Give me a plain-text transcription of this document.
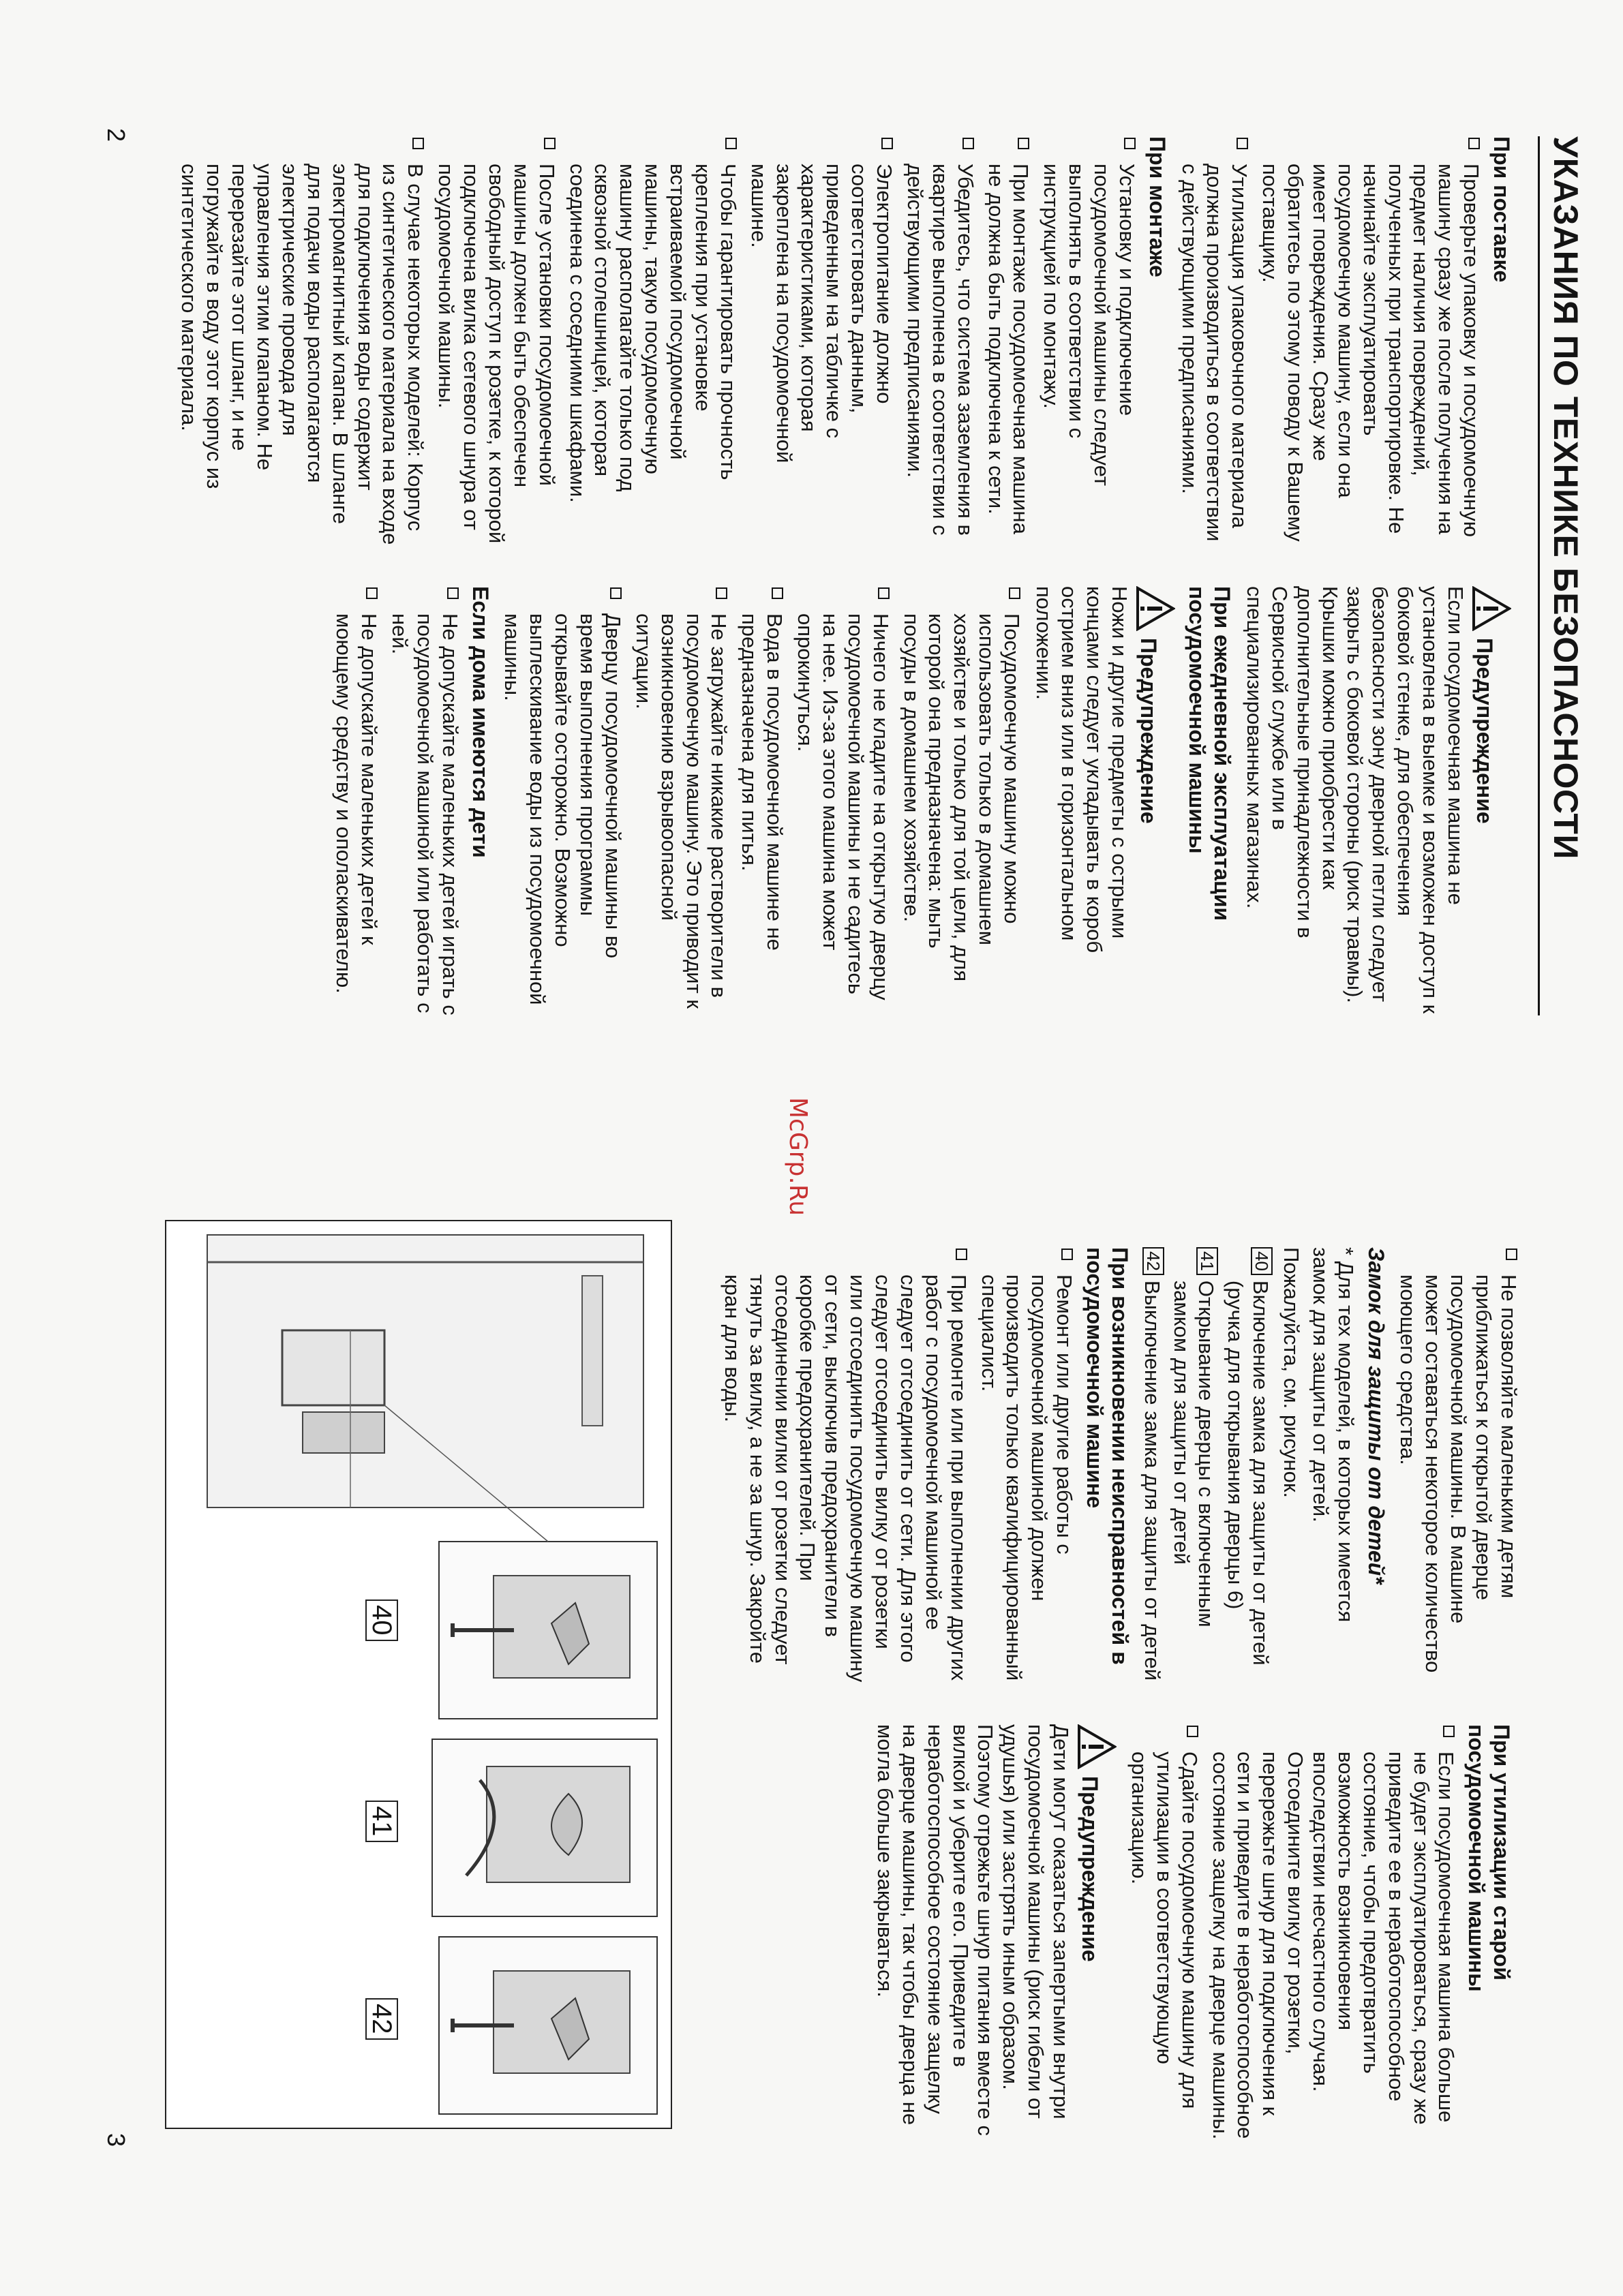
УКАЗАНИЯ ПО ТЕХНИКЕ БЕЗОПАСНОСТИ
При поставке
Проверьте упаковку и посудомоечную машину сразу же после получения на предмет наличия повреждений, полученных при транспортировке. Не начинайте эксплуатировать посудомоечную машину, если она имеет повреждения. Сразу же обратитесь по этому поводу к Вашему поставщику.
Утилизация упаковочного материала должна производиться в соответствии с действующими предписаниями.
При монтаже
Установку и подключение посудомоечной машины следует выполнять в соответствии с инструкцией по монтажу.
При монтаже посудомоечная машина не должна быть подключена к сети.
Убедитесь, что система заземления в квартире выполнена в соответствии с действующими предписаниями.
Электропитание должно соответствовать данным, приведенным на табличке с характеристиками, которая закреплена на посудомоечной машине.
Чтобы гарантировать прочность крепления при установке встраиваемой посудомоечной машины, такую посудомоечную машину располагайте только под сквозной столешницей, которая соединена с соседними шкафами.
После установки посудомоечной машины должен быть обеспечен свободный доступ к розетке, к которой подключена вилка сетевого шнура от посудомоечной машины.
В случае некоторых моделей: Корпус из синтетического материала на входе для подключения воды содержит электромагнитный клапан. В шланге для подачи воды располагаются электрические провода для управления этим клапаном. Не перерезайте этот шланг, и не погружайте в воду этот корпус из синтетического материала.
Предупреждение

Если посудомоечная машина не установлена в выемке и возможен доступ к боковой стенке, для обеспечения безопасности зону дверной петли следует закрыть с боковой стороны (риск травмы). Крышки можно приобрести как дополнительные принадлежности в Сервисной службе или в специализированных магазинах.

При ежедневной эксплуатации посудомоечной машины
Предупреждение

Ножи и другие предметы с острыми концами следует укладывать в короб острием вниз или в горизонтальном положении.

Посудомоечную машину можно использовать только в домашнем хозяйстве и только для той цели, для которой она предназначена: мыть посуды в домашнем хозяйстве.
Ничего не кладите на открытую дверцу посудомоечной машины и не садитесь на нее. Из-за этого машина может опрокинуться.
Вода в посудомоечной машине не предназначена для питья.
Не загружайте никакие растворители в посудомоечную машину. Это приводит к возникновению взрывоопасной ситуации.
Дверцу посудомоечной машины во время выполнения программы открывайте осторожно. Возможно выплескивание воды из посудомоечной машины.
Если дома имеются дети
Не допускайте маленьких детей играть с посудомоечной машиной или работать с ней.
Не допускайте маленьких детей к моющему средству и ополаскивателю.
Не позволяйте маленьким детям приближаться к открытой дверце посудомоечной машины. В машине может оставаться некоторое количество моющего средства.
Замок для защиты от детей*

* Для тех моделей, в которых имеется замок для защиты от детей.

Пожалуйста, см. рисунок.

40
Включение замка для защиты от детей (ручка для открывания дверцы 6)
41
Открывание дверцы с включенным замком для защиты от детей
42
Выключение замка для защиты от детей
При возникновении неисправностей в посудомоечной машине
Ремонт или другие работы с посудомоечной машиной должен производить только квалифицированный специалист.
При ремонте или при выполнении других работ с посудомоечной машиной ее следует отсоединить от сети. Для этого следует отсоединить вилку от розетки или отсоединить посудомоечную машину от сети, выключив предохранители в коробке предохранителей. При отсоединении вилки от розетки следует тянуть за вилку, а не за шнур. Закройте кран для воды.
При утилизации старой посудомоечной машины
Если посудомоечная машина больше не будет эксплуатироваться, сразу же приведите ее в неработоспособное состояние, чтобы предотвратить возможность возникновения впоследствии несчастного случая. Отсоедините вилку от розетки, перережьте шнур для подключения к сети и приведите в неработоспособное состояние защелку на дверце машины.
Сдайте посудомоечную машину для утилизации в соответствующую организацию.
Предупреждение

Дети могут оказаться запертыми внутри посудомоечной машины (риск гибели от удушья) или застрять иным образом. Поэтому отрежьте шнур питания вместе с вилкой и уберите его. Приведите в неработоспособное состояние защелку на дверце машины, так чтобы дверца не могла больше закрываться.

40
41
42
McGrp.Ru
2
3
